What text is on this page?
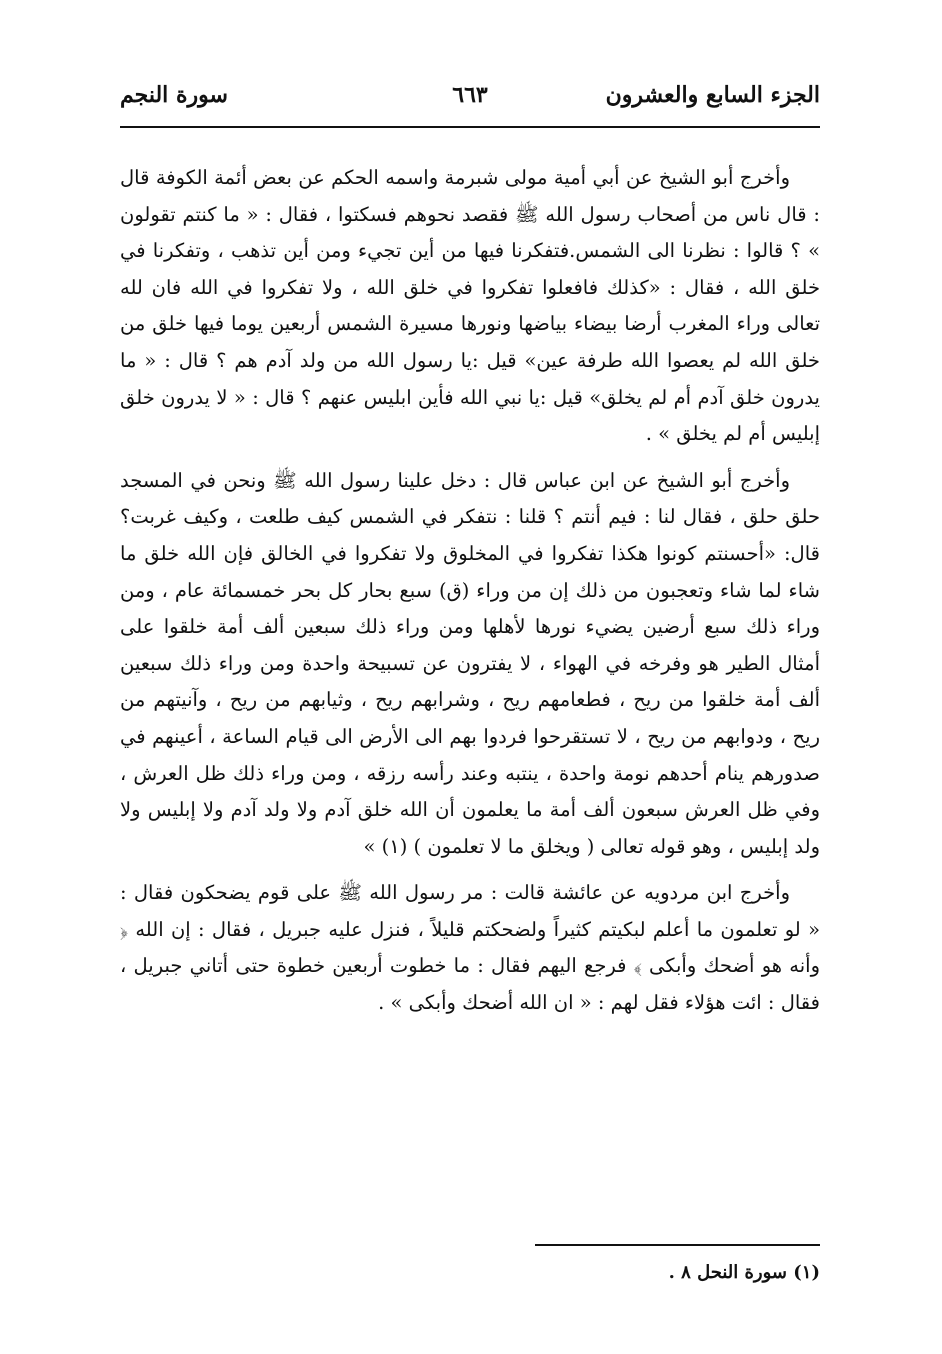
الجزء السابع والعشرون
٦٦٣
سورة النجم

وأخرج أبو الشيخ عن أبي أمية مولى شبرمة واسمه الحكم عن بعض أئمة الكوفة قال : قال ناس من أصحاب رسول الله ﷺ فقصد نحوهم فسكتوا ، فقال : « ما كنتم تقولون » ؟ قالوا : نظرنا الى الشمس.فتفكرنا فيها من أين تجيء ومن أين تذهب ، وتفكرنا في خلق الله ، فقال : «كذلك فافعلوا تفكروا في خلق الله ، ولا تفكروا في الله فان لله تعالى وراء المغرب أرضا بيضاء بياضها ونورها مسيرة الشمس أربعين يوما فيها خلق من خلق الله لم يعصوا الله طرفة عين» قيل :يا رسول الله من ولد آدم هم ؟ قال : « ما يدرون خلق آدم أم لم يخلق» قيل :يا نبي الله فأين ابليس عنهم ؟ قال : « لا يدرون خلق إبليس أم لم يخلق » .

وأخرج أبو الشيخ عن ابن عباس قال : دخل علينا رسول الله ﷺ ونحن في المسجد حلق حلق ، فقال لنا : فيم أنتم ؟ قلنا : نتفكر في الشمس كيف طلعت ، وكيف غربت؟ قال: «أحسنتم كونوا هكذا تفكروا في المخلوق ولا تفكروا في الخالق فإن الله خلق ما شاء لما شاء وتعجبون من ذلك إن من وراء (ق) سبع بحار كل بحر خمسمائة عام ، ومن وراء ذلك سبع أرضين يضيء نورها لأهلها ومن وراء ذلك سبعين ألف أمة خلقوا على أمثال الطير هو وفرخه في الهواء ، لا يفترون عن تسبيحة واحدة ومن وراء ذلك سبعين ألف أمة خلقوا من ريح ، فطعامهم ريح ، وشرابهم ريح ، وثيابهم من ريح ، وآنيتهم من ريح ، ودوابهم من ريح ، لا تستقرحوا فردوا بهم الى الأرض الى قيام الساعة ، أعينهم في صدورهم ينام أحدهم نومة واحدة ، ينتبه وعند رأسه رزقه ، ومن وراء ذلك ظل العرش ، وفي ظل العرش سبعون ألف أمة ما يعلمون أن الله خلق آدم ولا ولد آدم ولا إبليس ولا ولد إبليس ، وهو قوله تعالى ( ويخلق ما لا تعلمون ) (١) »

وأخرج ابن مردويه عن عائشة قالت : مر رسول الله ﷺ على قوم يضحكون فقال : « لو تعلمون ما أعلم لبكيتم كثيراً ولضحكتم قليلاً ، فنزل عليه جبريل ، فقال : إن الله ﴿ وأنه هو أضحك وأبكى ﴾ فرجع اليهم فقال : ما خطوت أربعين خطوة حتى أتاني جبريل ، فقال : ائت هؤلاء فقل لهم : « ان الله أضحك وأبكى » .

(١) سورة النحل ٨ .
